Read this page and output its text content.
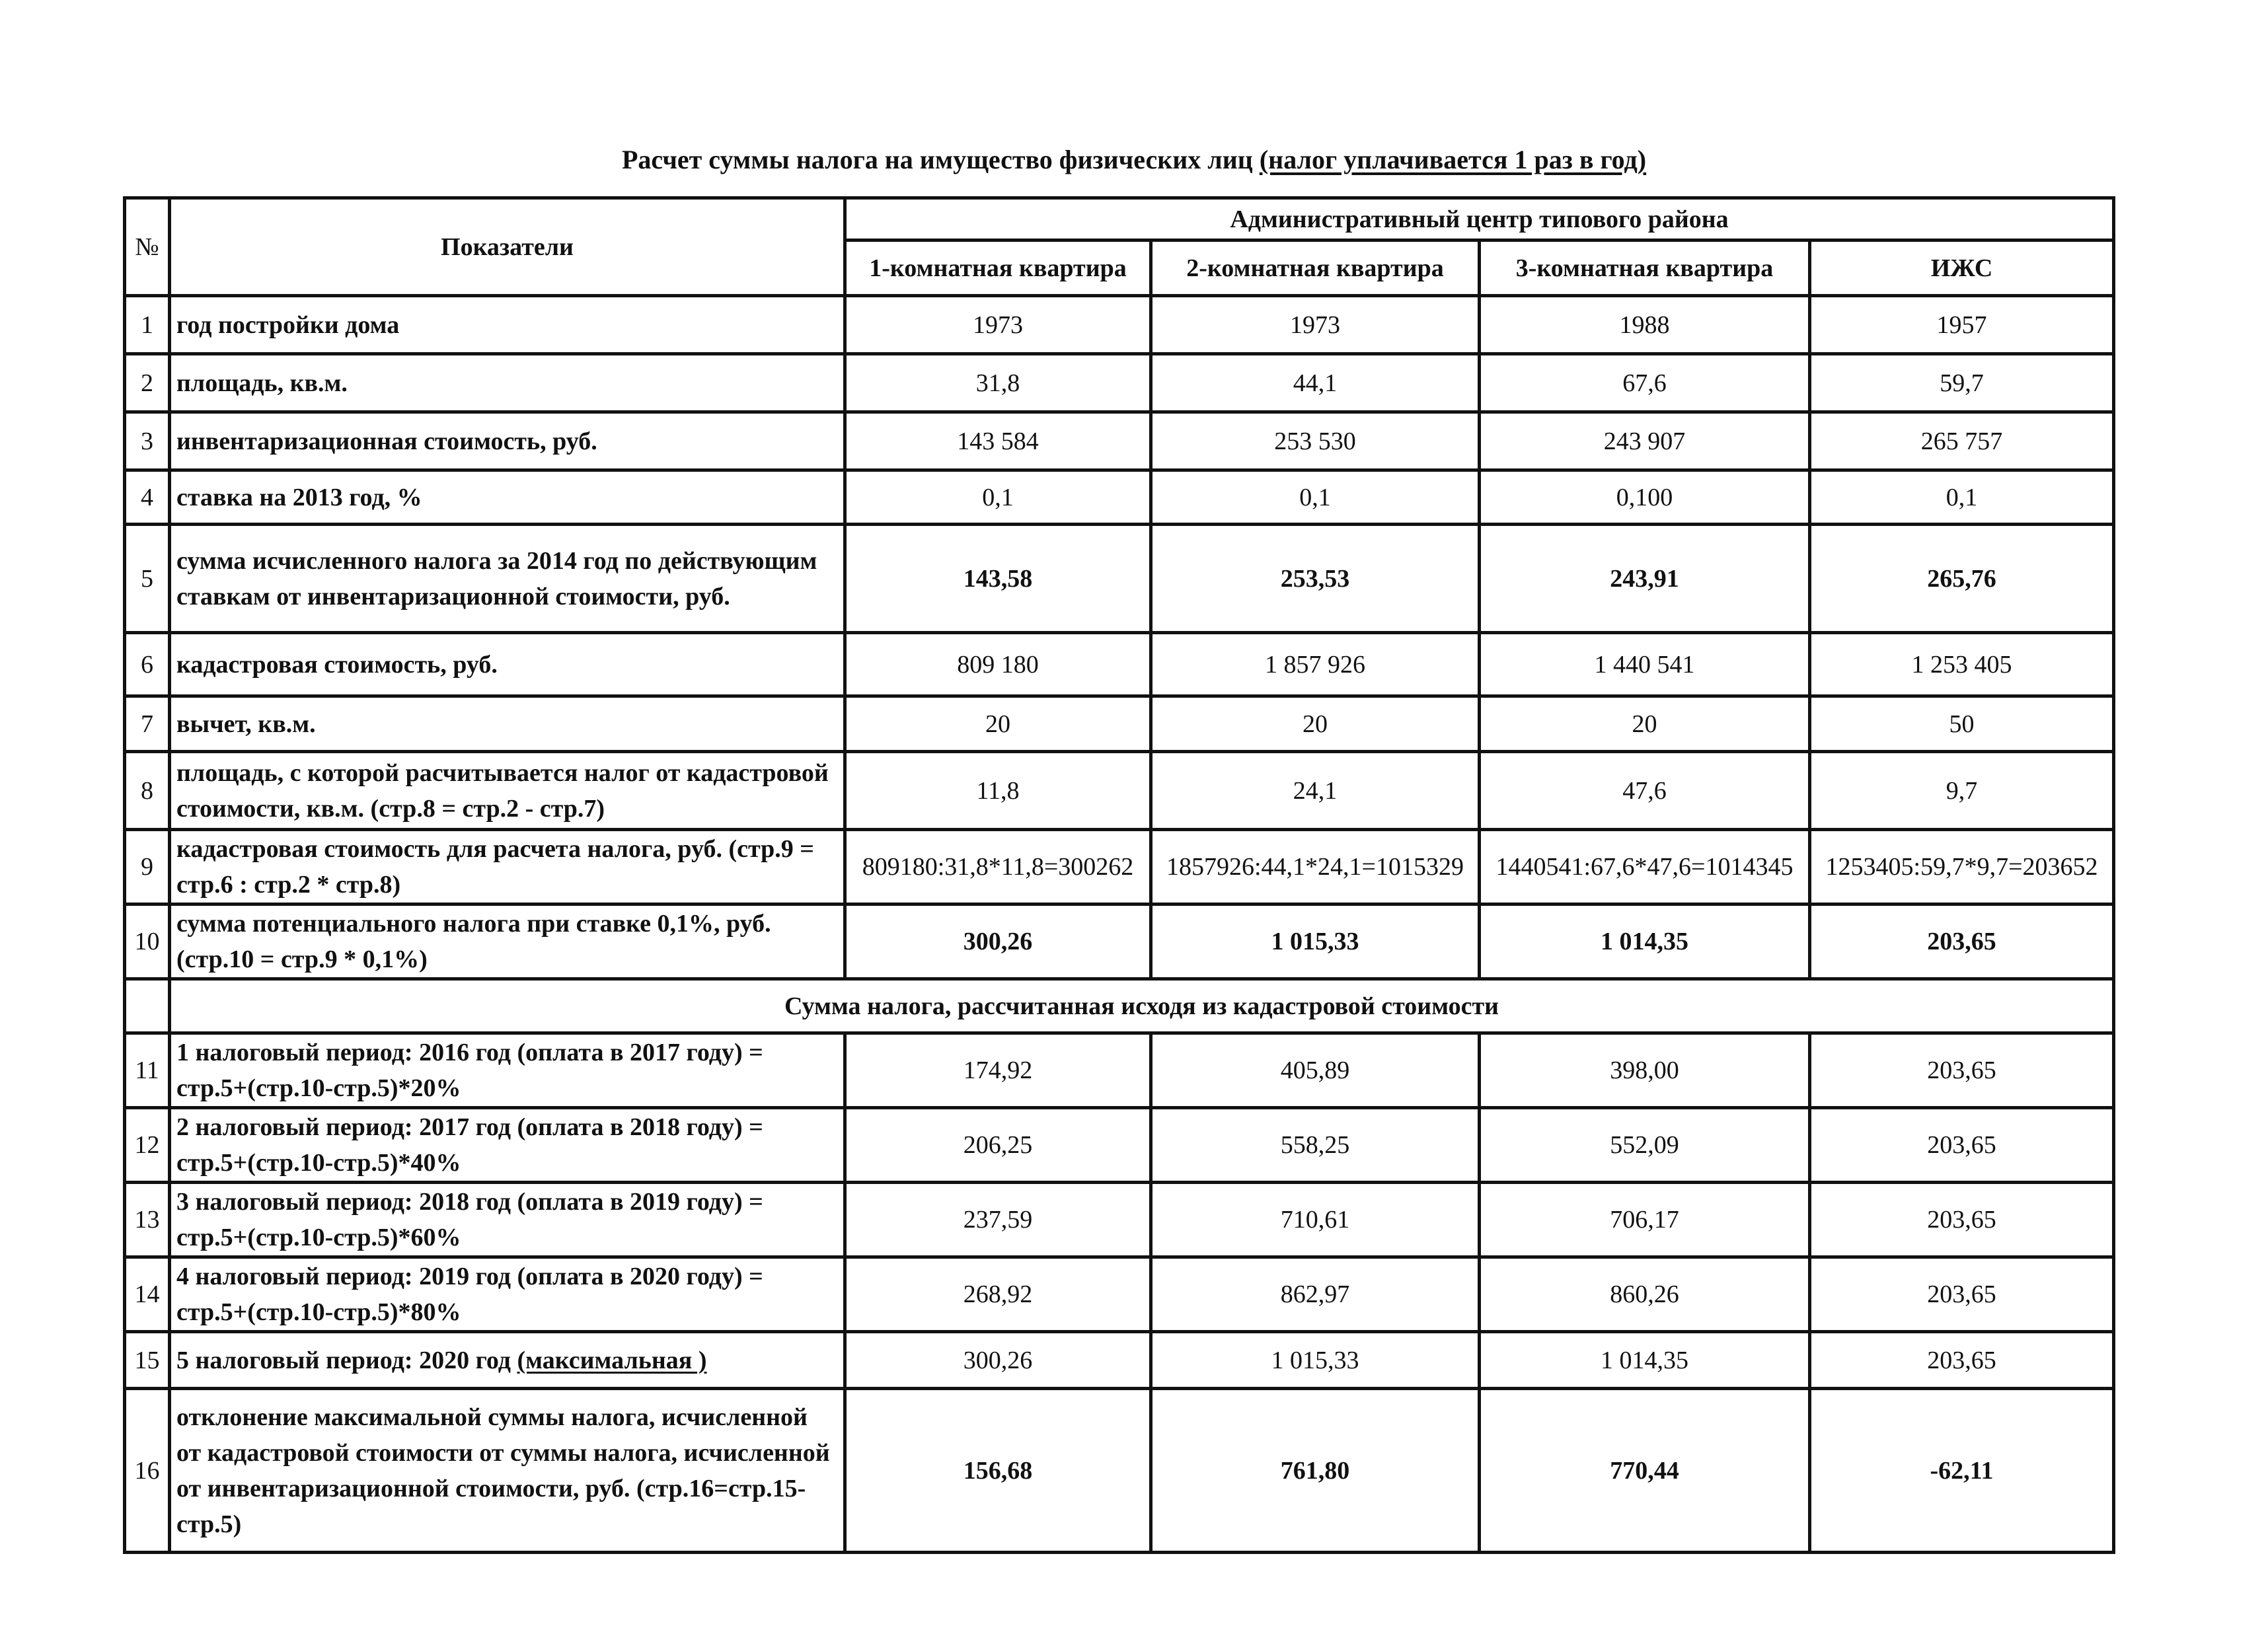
Расчет суммы налога на имущество физических лиц (налог уплачивается 1 раз в год)
№	Показатели	Административный центр типового района			
		1-комнатная квартира	2-комнатная квартира	3-комнатная квартира	ИЖС
1	год постройки дома	1973	1973	1988	1957
2	площадь, кв.м.	31,8	44,1	67,6	59,7
3	инвентаризационная стоимость, руб.	143 584	253 530	243 907	265 757
4	ставка на 2013 год, %	0,1	0,1	0,100	0,1
5	сумма исчисленного налога за 2014 год по действующим ставкам от инвентаризационной стоимости, руб.	143,58	253,53	243,91	265,76
6	кадастровая стоимость, руб.	809 180	1 857 926	1 440 541	1 253 405
7	вычет, кв.м.	20	20	20	50
8	площадь, с которой расчитывается налог от кадастровой стоимости, кв.м. (стр.8 = стр.2 - стр.7)	11,8	24,1	47,6	9,7
9	кадастровая стоимость для расчета налога, руб. (стр.9 = стр.6 : стр.2 * стр.8)	809180:31,8*11,8=300262	1857926:44,1*24,1=1015329	1440541:67,6*47,6=1014345	1253405:59,7*9,7=203652
10	сумма потенциального налога при ставке 0,1%, руб. (стр.10 = стр.9 * 0,1%)	300,26	1 015,33	1 014,35	203,65
	Сумма налога, рассчитанная исходя из кадастровой стоимости				
11	1 налоговый период: 2016 год (оплата в 2017 году) = стр.5+(стр.10-стр.5)*20%	174,92	405,89	398,00	203,65
12	2 налоговый период: 2017 год (оплата в 2018 году) = стр.5+(стр.10-стр.5)*40%	206,25	558,25	552,09	203,65
13	3 налоговый период: 2018 год (оплата в 2019 году) = стр.5+(стр.10-стр.5)*60%	237,59	710,61	706,17	203,65
14	4 налоговый период: 2019 год (оплата в 2020 году) = стр.5+(стр.10-стр.5)*80%	268,92	862,97	860,26	203,65
15	5 налоговый период: 2020 год (максимальная )	300,26	1 015,33	1 014,35	203,65
16	отклонение максимальной суммы налога, исчисленной от кадастровой стоимости от суммы налога, исчисленной от инвентаризационной стоимости, руб. (стр.16=стр.15-стр.5)	156,68	761,80	770,44	-62,11
